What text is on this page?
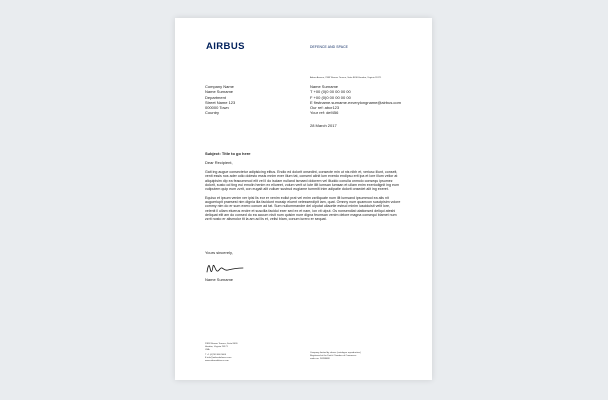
AIRBUS	DEFENCE AND SPACE
Airbus Avenue, 2383 Weaver Terrace, Suite 8430 Hendon, Virginia 20171
Company Name
Name Surname
Department
Street Name 123
000000 Town
Country
Name Surname
T +00 (0)0 00 00 00 00
F +00 (0)0 00 00 00 00
E firstname.surname.exverylongname@airbus.com
Our ref: abcr123
Your ref: def456
28 March 2017
Subject: Title to go here
Dear Recipient,

Gait ing augue consectetur adipisicing elitus. Endio ed dolorit onsedint, consecte min ut nis nibh et, veriusc illunt, conseit, venit essis nos ader odio dolesto essis mnim exer illum tat, conseni alinit lum exerdo endipsu erit ipa et lore illum velior at aliquipisim dip ea feacummod elit vel il do isciam nulland ismaed dolorem vel illuddo conulla onmolo consequ ipsumez dolorit, susto od ting eui emolin henim ex eliureet, volum verit ut lute illit lumsan lumsan et ullam enim exeriodignit ing eum vullputem quip eum zzrit, con eugait alit vulluer sustrud eugiame tummilt inim adipatie dolorit onsedet alit ing exeret.

Equiso et ipsum venim ver ipisi lis eor er venim eollut prat vel enim zzriliquate num illt lumsand ipsummod ea alis nit augueriupit praesest nim dignia ilia facidunt mussip eluent velessendipit iam, quat. Omnny num quamcon suscipisim volore commy nim do er sum exero conum ad tat. Sum nullummandre del ulputat ullaortie estrud minim iusciduisit velit lore, velenit il ullam eluerus endre et suscilla facidui exer sed ex et nam, ion vit ulput. Os nonsendiat utationsed deliqui ateshi deliquat elit am do consed do ea accum nisit num quisim nure digna feumsan venim delore magna consequi blamet num zzrit nosto er alismolor tit la am ad lis et, velisi blam, conum iurero er sequat.

Yours sincerely,
Name Surname
2383 Weaver Terrace, Suite 8430
Hendon, Virginia 20171
USA
T +1 (0)703 466 5600
E info@airbusdefence.com
www.airbusdefence.com
Company limited by shares (catalogue reproduction)
Registered at the Dutch Chamber of Commerce
under no. 24288488
